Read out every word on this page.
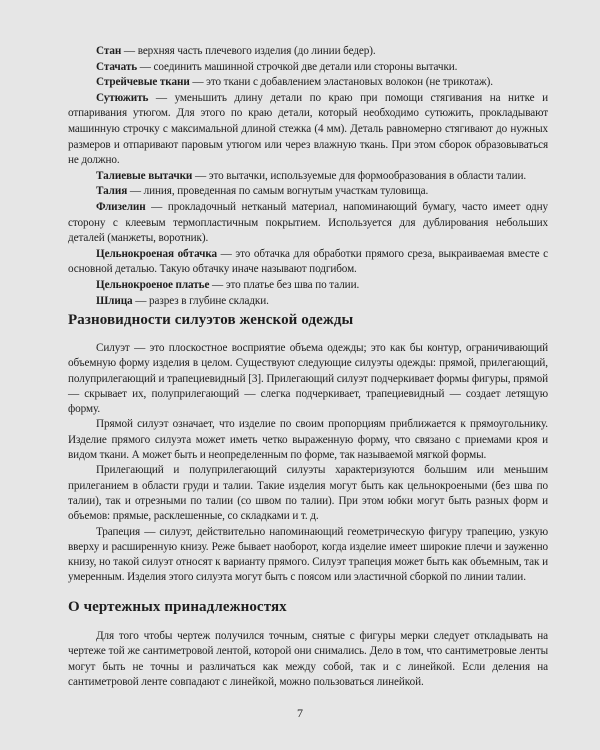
Стан — верхняя часть плечевого изделия (до линии бедер).

Стачать — соединить машинной строчкой две детали или стороны вытачки.

Стрейчевые ткани — это ткани с добавлением эластановых волокон (не трикотаж).

Сутюжить — уменьшить длину детали по краю при помощи стягивания на нитке и отпаривания утюгом. Для этого по краю детали, который необходимо сутюжить, прокладывают машинную строчку с максимальной длиной стежка (4 мм). Деталь равномерно стягивают до нужных размеров и отпаривают паровым утюгом или через влажную ткань. При этом сборок образовываться не должно.

Талиевые вытачки — это вытачки, используемые для формообразования в области талии.

Талия — линия, проведенная по самым вогнутым участкам туловища.

Флизелин — прокладочный нетканый материал, напоминающий бумагу, часто имеет одну сторону с клеевым термопластичным покрытием. Используется для дублирования небольших деталей (манжеты, воротник).

Цельнокроеная обтачка — это обтачка для обработки прямого среза, выкраиваемая вместе с основной деталью. Такую обтачку иначе называют подгибом.

Цельнокроеное платье — это платье без шва по талии.

Шлица — разрез в глубине складки.

Разновидности силуэтов женской одежды

Силуэт — это плоскостное восприятие объема одежды; это как бы контур, ограничивающий объемную форму изделия в целом. Существуют следующие силуэты одежды: прямой, прилегающий, полуприлегающий и трапециевидный [3]. Прилегающий силуэт подчеркивает формы фигуры, прямой — скрывает их, полуприлегающий — слегка подчеркивает, трапециевидный — создает летящую форму.

Прямой силуэт означает, что изделие по своим пропорциям приближается к прямоугольнику. Изделие прямого силуэта может иметь четко выраженную форму, что связано с приемами кроя и видом ткани. А может быть и неопределенным по форме, так называемой мягкой формы.

Прилегающий и полуприлегающий силуэты характеризуются большим или меньшим прилеганием в области груди и талии. Такие изделия могут быть как цельнокроеными (без шва по талии), так и отрезными по талии (со швом по талии). При этом юбки могут быть разных форм и объемов: прямые, расклешенные, со складками и т. д.

Трапеция — силуэт, действительно напоминающий геометрическую фигуру трапецию, узкую вверху и расширенную книзу. Реже бывает наоборот, когда изделие имеет широкие плечи и зауженно книзу, но такой силуэт относят к варианту прямого. Силуэт трапеция может быть как объемным, так и умеренным. Изделия этого силуэта могут быть с поясом или эластичной сборкой по линии талии.

О чертежных принадлежностях

Для того чтобы чертеж получился точным, снятые с фигуры мерки следует откладывать на чертеже той же сантиметровой лентой, которой они снимались. Дело в том, что сантиметровые ленты могут быть не точны и различаться как между собой, так и с линейкой. Если деления на сантиметровой ленте совпадают с линейкой, можно пользоваться линейкой.

7
